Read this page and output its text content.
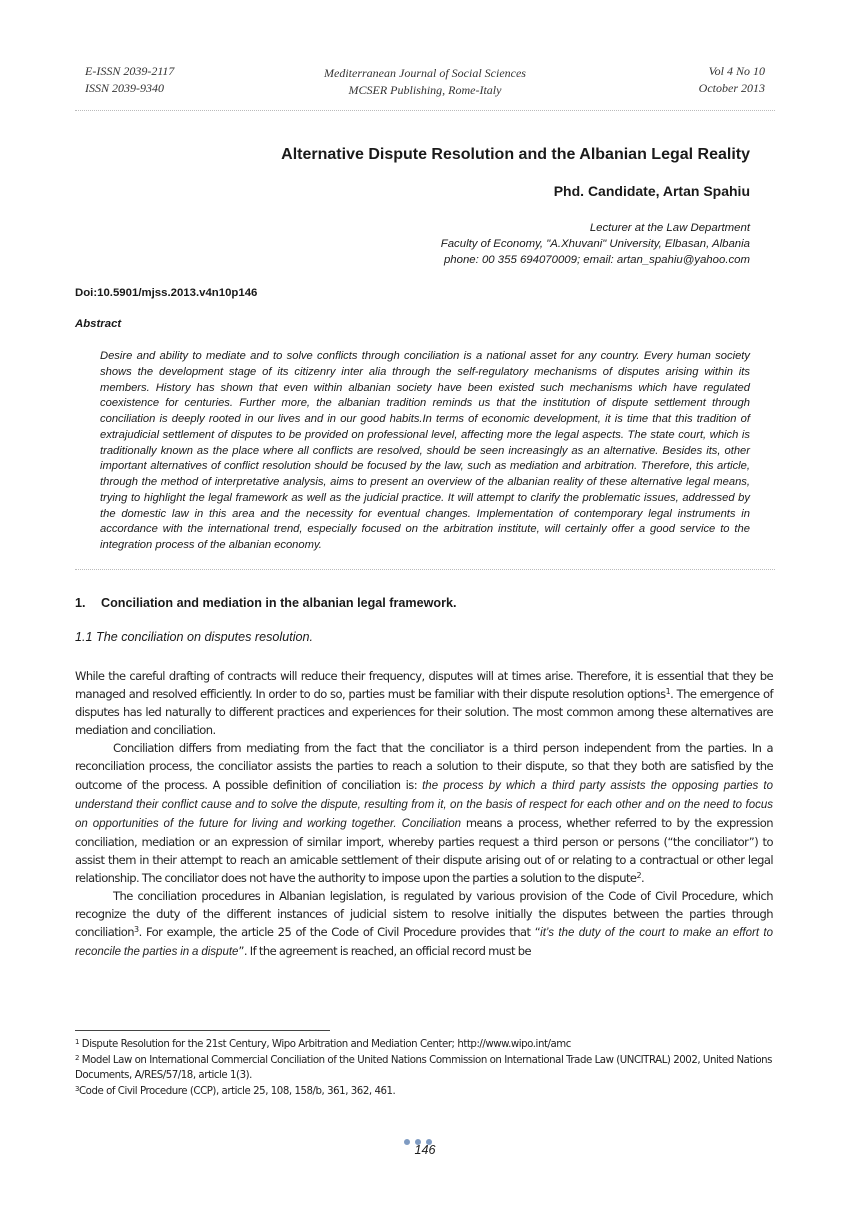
E-ISSN 2039-2117
ISSN 2039-9340
Mediterranean Journal of Social Sciences
MCSER Publishing, Rome-Italy
Vol 4 No 10
October 2013
Alternative Dispute Resolution and the Albanian Legal Reality
Phd. Candidate, Artan Spahiu
Lecturer at the Law Department
Faculty of Economy, "A.Xhuvani" University, Elbasan, Albania
phone: 00 355 694070009; email: artan_spahiu@yahoo.com
Doi:10.5901/mjss.2013.v4n10p146
Abstract
Desire and ability to mediate and to solve conflicts through conciliation is a national asset for any country. Every human society shows the development stage of its citizenry inter alia through the self-regulatory mechanisms of disputes arising within its members. History has shown that even within albanian society have been existed such mechanisms which have regulated coexistence for centuries. Further more, the albanian tradition reminds us that the institution of dispute settlement through conciliation is deeply rooted in our lives and in our good habits.In terms of economic development, it is time that this tradition of extrajudicial settlement of disputes to be provided on professional level, affecting more the legal aspects. The state court, which is traditionally known as the place where all conflicts are resolved, should be seen increasingly as an alternative. Besides its, other important alternatives of conflict resolution should be focused by the law, such as mediation and arbitration. Therefore, this article, through the method of interpretative analysis, aims to present an overview of the albanian reality of these alternative legal means, trying to highlight the legal framework as well as the judicial practice. It will attempt to clarify the problematic issues, addressed by the domestic law in this area and the necessity for eventual changes. Implementation of contemporary legal instruments in accordance with the international trend, especially focused on the arbitration institute, will certainly offer a good service to the integration process of the albanian economy.
1. Conciliation and mediation in the albanian legal framework.
1.1 The conciliation on disputes resolution.

While the careful drafting of contracts will reduce their frequency, disputes will at times arise. Therefore, it is essential that they be managed and resolved efficiently. In order to do so, parties must be familiar with their dispute resolution options$^1$. The emergence of disputes has led naturally to different practices and experiences for their solution. The most common among these alternatives are mediation and conciliation.

Conciliation differs from mediating from the fact that the conciliator is a third person independent from the parties. In a reconciliation process, the conciliator assists the parties to reach a solution to their dispute, so that they both are satisfied by the outcome of the process. A possible definition of conciliation is: the process by which a third party assists the opposing parties to understand their conflict cause and to solve the dispute, resulting from it, on the basis of respect for each other and on the need to focus on opportunities of the future for living and working together. Conciliation means a process, whether referred to by the expression conciliation, mediation or an expression of similar import, whereby parties request a third person or persons (“the conciliator”) to assist them in their attempt to reach an amicable settlement of their dispute arising out of or relating to a contractual or other legal relationship. The conciliator does not have the authority to impose upon the parties a solution to the dispute$^2$.

The conciliation procedures in Albanian legislation, is regulated by various provision of the Code of Civil Procedure, which recognize the duty of the different instances of judicial sistem to resolve initially the disputes between the parties through conciliation$^3$. For example, the article 25 of the Code of Civil Procedure provides that “it’s the duty of the court to make an effort to reconcile the parties in a dispute”. If the agreement is reached, an official record must be

$^1$ Dispute Resolution for the 21st Century, Wipo Arbitration and Mediation Center; http://www.wipo.int/amc
$^2$ Model Law on International Commercial Conciliation of the United Nations Commission on International Trade Law (UNCITRAL) 2002, United Nations Documents, A/RES/57/18, article 1(3).
$^3$Code of Civil Procedure (CCP), article 25, 108, 158/b, 361, 362, 461.
146
